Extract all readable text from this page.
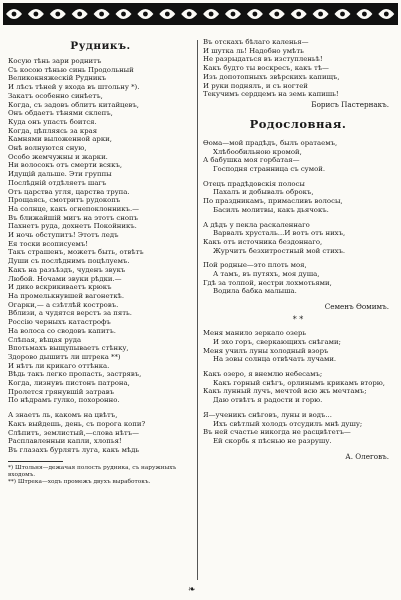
Рудникъ.
Косую тѣнь зари роднитъ
Съ косою тѣнью синь Продольный
Великокняжескій Рудникъ
И лѣсъ тѣней у входа въ штольну *).
Закатъ особенно синѣетъ,
Когда, съ задовъ облитъ китайцевъ,
Онъ обдаетъ тѣнями склепъ,
Куда онъ упасть боится.
Когда, цѣпляясь за края
Камнями выложенной арки,
Онѣ волнуются сную,
Особо жемчужны и жарки.
Ни волосокъ отъ смерти всякъ,
Идущій дальше. Эти группы
Послѣдній отдѣляетъ шагъ
Отъ царства угля, царства трупа.
Прощаясь, смотритъ рудокопъ
На солнце, какъ огнепоклонникъ.—
Въ ближайшій мигъ на этотъ снопъ
Пахнетъ руда, дохнетъ Покойникъ.
И ночь обступитъ! Этотъ ледъ
Ея тоски всописуемъ!
Такъ страшенъ, можетъ быть, отвѣтъ
Души съ послѣднимъ поцѣлуемъ.
Какъ на разъѣздъ, чуденъ звукъ
Любой. Ночами звуки рѣдки.—
И дико вскрикиваетъ крюкъ
На промелькнувшей вагонеткѣ.
Огарки,— а сзѣтлѣй костровъ.
Вблизи, а чудятся верстъ за пять.
Россію черныхъ катастрофъ
На волоса со сводовъ капитъ.
Слѣпая, вѣщая руда
Впотьмахъ выщупываетъ стѣнку,
Здорово дышитъ ли штрека **)
И нѣтъ ли крикаго оттѣнка.
Вѣдь такъ легко пропасть, застрявъ,
Когда, лизнувъ пистонъ патрона,
Пролется грянувшій затравъ
По нѣдрамъ гулко, похоронно.
А знаетъ ль, какомъ на цвѣтъ,
Какъ выйдешь, день, съ порога копи?
Слѣпитъ, землистый,—слова нѣтъ—
Расплавленныи капли, хлопья!
Въ глазахъ бурлятъ луга, какъ мѣдь
*) Штольня—дежачая полость рудника, съ наружныхъ входомъ.
**) Штрека—ходъ промежъ двухъ выработокъ.
Въ отскахъ бѣлаго каленья—
И шутка ль! Надобно умѣть
Не разрыдаться въ изступленьѣ!
Какъ будто ты воскресъ, какъ тѣ—
Изъ допотопныхъ звѣрскихъ капищъ,
И руки поднялъ, и съ ногтей
Текучимъ сердцемъ на земь капишь!
Борисъ Пастернакъ.
Родословная.
Ѳома—мой прадѣдъ, былъ оратаемъ,
Хлѣбообильною кромой,
А бабушка моя горбатая—
Господня странница съ сумой.
Отецъ прадѣдовскія полосы
Пахалъ и добывалъ оброкъ,
По праздникамъ, примасливъ волосы,
Басилъ молитвы, какъ дьячокъ.
А дѣдъ у пекла раскаленнаго
Варвалъ хрусталь...И вотъ отъ нихъ,
Какъ отъ источника бездоннаго,
Журчитъ безхитростный мой стихъ.
Пой родные—это плоть моя,
А тамъ, въ путяхъ, моя душа,
Гдѣ за толпой, нестри лохмотьями,
Водила бабка малыша.
Семенъ Ѳомимъ.
* *
Меня манило зеркало озерь
И эхо горъ, сверкающихъ снѣгами;
Меня училъ луны холодный взоръ
На зовы солнца отвѣчать лучами.
Какъ озеро, я внемлю небесамъ;
Какъ горный снѣгъ, орлинымъ крикамъ вторю,
Какъ лунный лучъ, мечтой всю жъ мечтамъ;
Даю отвѣтъ я радости и горю.
Я—ученикъ снѣговъ, луны и водъ...
Ихъ свѣтлый холодъ отсудилъ мнѣ душу;
Въ ней счастье никогда не расцвѣтетъ—
Ей скорбь я пѣснью не разрушу.
А. Олеговъ.
❧
